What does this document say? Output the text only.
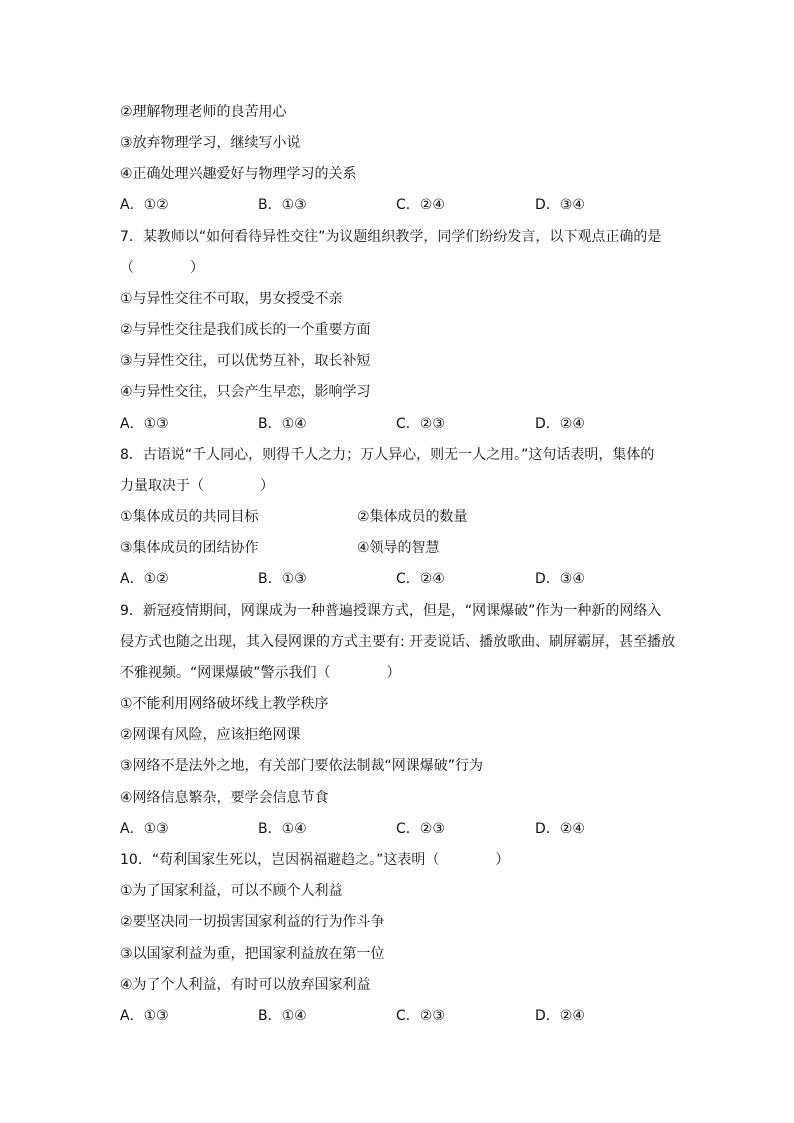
②理解物理老师的良苦用心
③放弃物理学习，继续写小说
④正确处理兴趣爱好与物理学习的关系
A．①②	B．①③	C．②④	D．③④
7．某教师以“如何看待异性交往”为议题组织教学，同学们纷纷发言，以下观点正确的是
（　　　　）
①与异性交往不可取，男女授受不亲
②与异性交往是我们成长的一个重要方面
③与异性交往，可以优势互补，取长补短
④与异性交往，只会产生早恋，影响学习
A．①③	B．①④	C．②③	D．②④
8．古语说“千人同心，则得千人之力；万人异心，则无一人之用。”这句话表明，集体的
力量取决于（　　　　）
①集体成员的共同目标	②集体成员的数量
③集体成员的团结协作	④领导的智慧
A．①②	B．①③	C．②④	D．③④
9．新冠疫情期间，网课成为一种普遍授课方式，但是，“网课爆破”作为一种新的网络入
侵方式也随之出现，其入侵网课的方式主要有: 开麦说话、播放歌曲、刷屏霸屏，甚至播放
不雅视频。“网课爆破”警示我们（　　　　）
①不能利用网络破坏线上教学秩序
②网课有风险，应该拒绝网课
③网络不是法外之地，有关部门要依法制裁“网课爆破”行为
④网络信息繁杂，要学会信息节食
A．①③	B．①④	C．②③	D．②④
10．“苟利国家生死以，岂因祸福避趋之。”这表明（　　　　）
①为了国家利益，可以不顾个人利益
②要坚决同一切损害国家利益的行为作斗争
③以国家利益为重，把国家利益放在第一位
④为了个人利益，有时可以放弃国家利益
A．①③	B．①④	C．②③	D．②④
